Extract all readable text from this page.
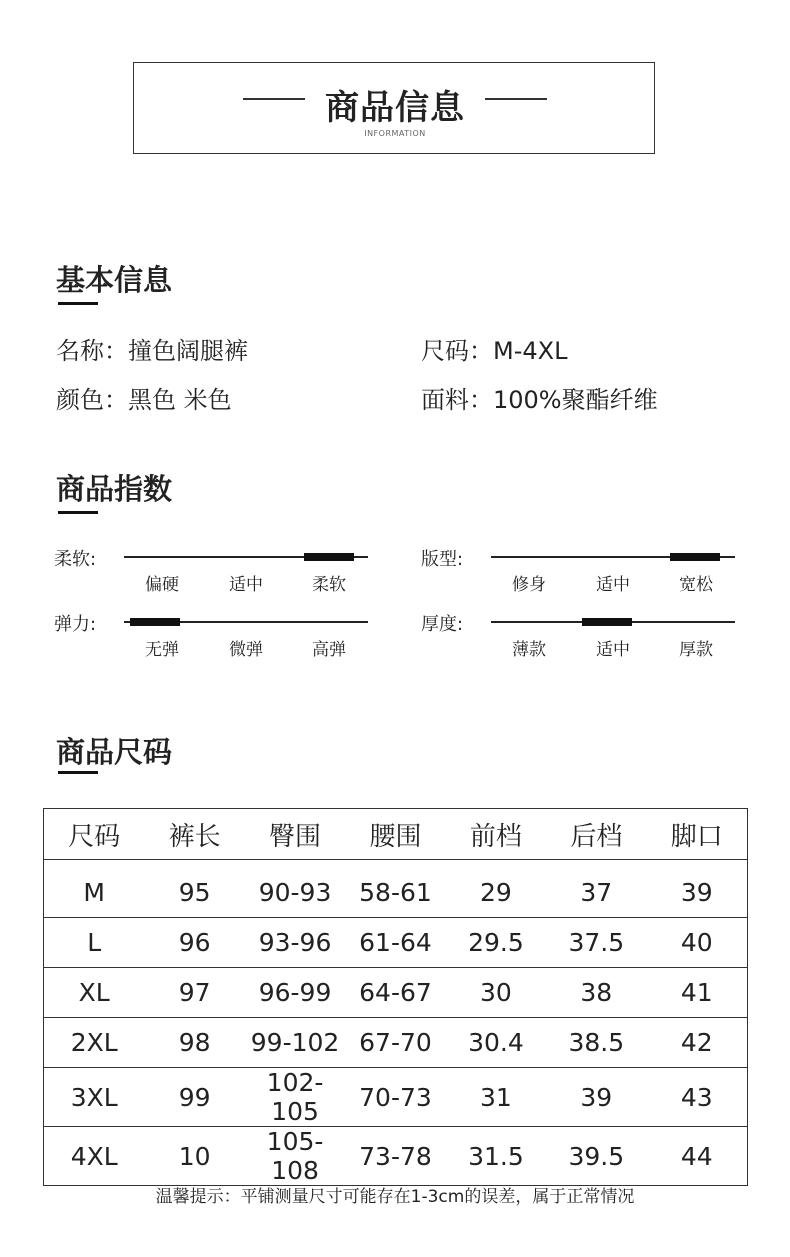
商品信息
INFORMATION
基本信息
名称：撞色阔腿裤	尺码：M-4XL
颜色：黑色 米色	面料：100%聚酯纤维
商品指数
柔软:
偏硬	适中	柔软
版型:
修身	适中	宽松
弹力:
无弹	微弹	高弹
厚度:
薄款	适中	厚款
商品尺码
尺码	裤长	臀围	腰围	前档	后档	脚口

M	95	90-93	58-61	29	37	39
L	96	93-96	61-64	29.5	37.5	40
XL	97	96-99	64-67	30	38	41
2XL	98	99-102	67-70	30.4	38.5	42
3XL	99	102-105	70-73	31	39	43
4XL	10	105-108	73-78	31.5	39.5	44
温馨提示：平铺测量尺寸可能存在1-3cm的误差，属于正常情况
